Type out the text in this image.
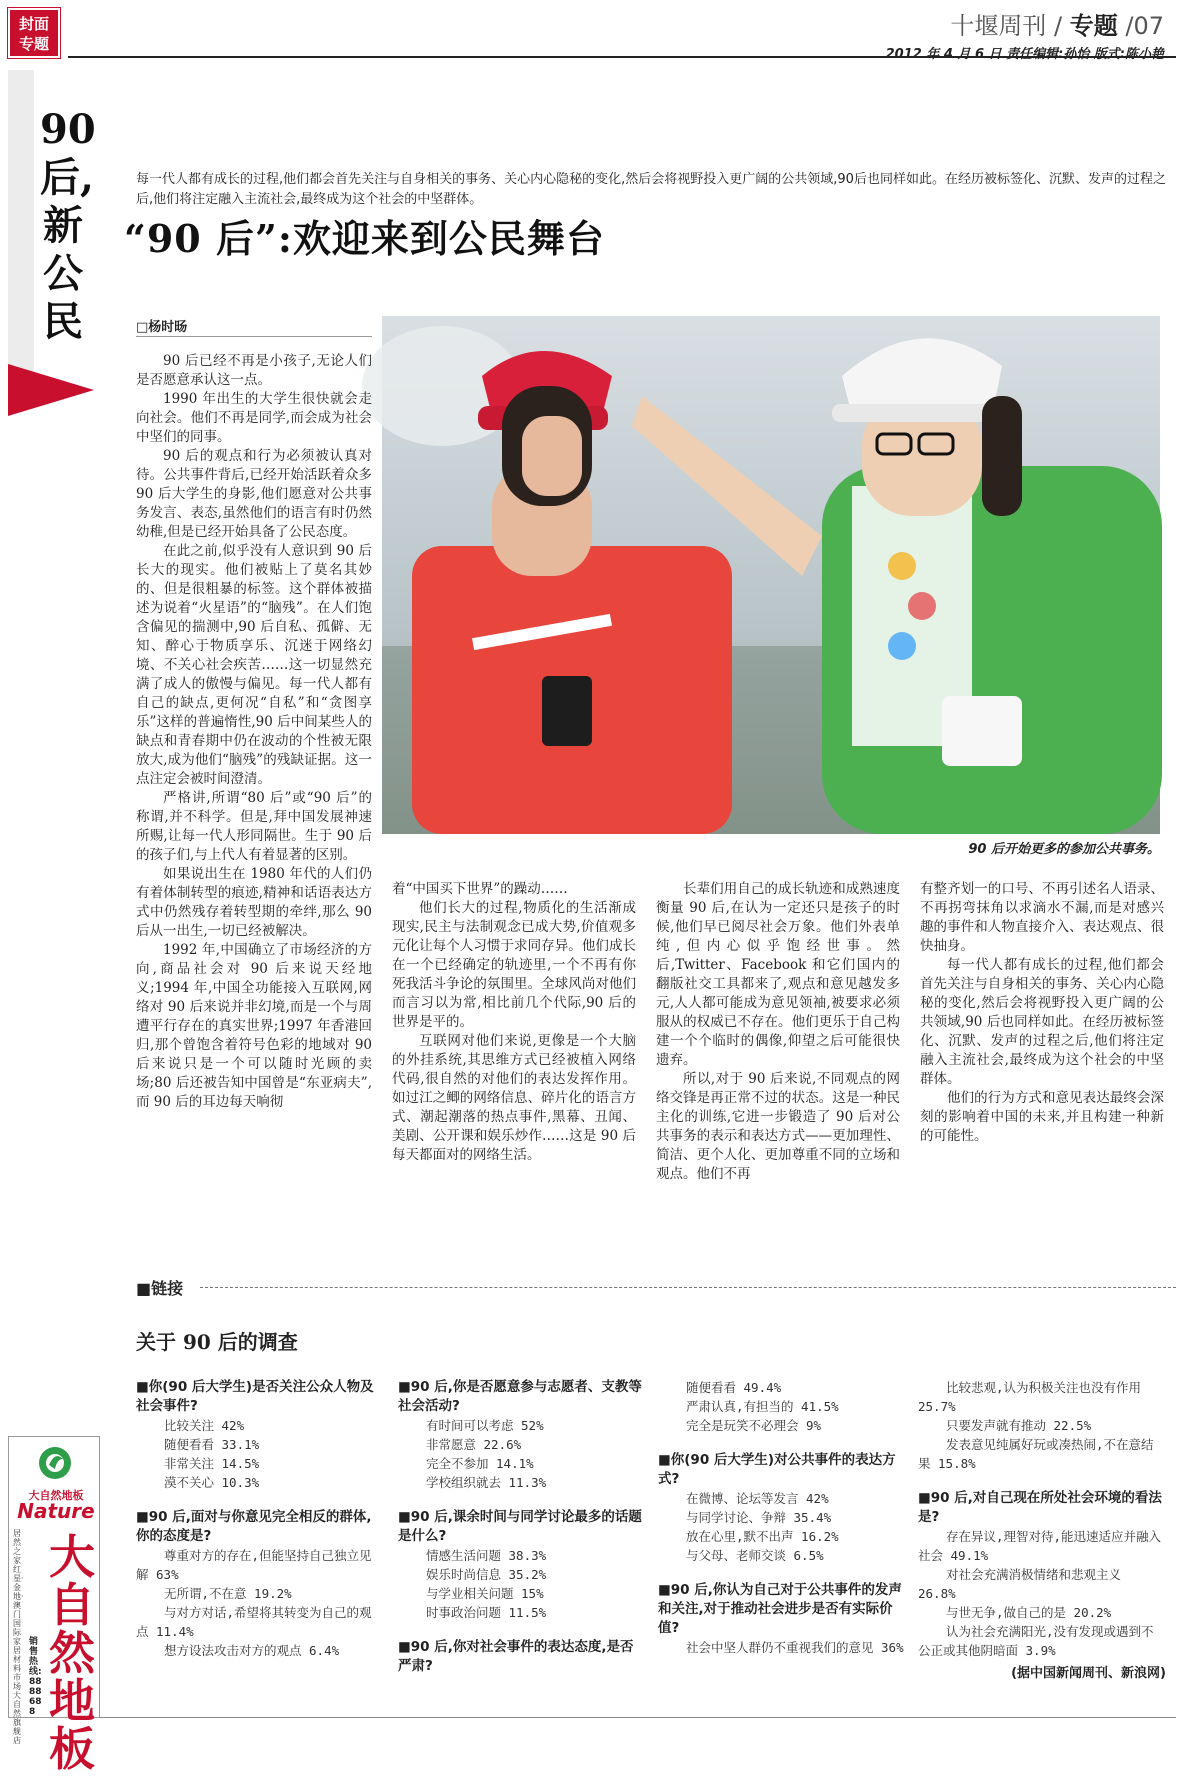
封面
专题
十堰周刊 / 专题 /07
2012 年 4 月 6 日 责任编辑:孙怡 版式:陈小艳
90后,新公民
每一代人都有成长的过程,他们都会首先关注与自身相关的事务、关心内心隐秘的变化,然后会将视野投入更广阔的公共领域,90后也同样如此。在经历被标签化、沉默、发声的过程之后,他们将注定融入主流社会,最终成为这个社会的中坚群体。
“90 后”:欢迎来到公民舞台
□杨时旸
90 后开始更多的参加公共事务。

90 后已经不再是小孩子,无论人们是否愿意承认这一点。

1990 年出生的大学生很快就会走向社会。他们不再是同学,而会成为社会中坚们的同事。

90 后的观点和行为必须被认真对待。公共事件背后,已经开始活跃着众多 90 后大学生的身影,他们愿意对公共事务发言、表态,虽然他们的语言有时仍然幼稚,但是已经开始具备了公民态度。

在此之前,似乎没有人意识到 90 后长大的现实。他们被贴上了莫名其妙的、但是很粗暴的标签。这个群体被描述为说着“火星语”的“脑残”。在人们饱含偏见的揣测中,90 后自私、孤僻、无知、醉心于物质享乐、沉迷于网络幻境、不关心社会疾苦……这一切显然充满了成人的傲慢与偏见。每一代人都有自己的缺点,更何况“自私”和“贪图享乐”这样的普遍惰性,90 后中间某些人的缺点和青春期中仍在波动的个性被无限放大,成为他们“脑残”的残缺证据。这一点注定会被时间澄清。

严格讲,所谓“80 后”或“90 后”的称谓,并不科学。但是,拜中国发展神速所赐,让每一代人形同隔世。生于 90 后的孩子们,与上代人有着显著的区别。

如果说出生在 1980 年代的人们仍有着体制转型的痕迹,精神和话语表达方式中仍然残存着转型期的牵绊,那么 90 后从一出生,一切已经被解决。

1992 年,中国确立了市场经济的方向,商品社会对 90 后来说天经地义;1994 年,中国全功能接入互联网,网络对 90 后来说并非幻境,而是一个与周遭平行存在的真实世界;1997 年香港回归,那个曾饱含着符号色彩的地域对 90 后来说只是一个可以随时光顾的卖场;80 后还被告知中国曾是“东亚病夫”,而 90 后的耳边每天响彻

着“中国买下世界”的躁动……

他们长大的过程,物质化的生活渐成现实,民主与法制观念已成大势,价值观多元化让每个人习惯于求同存异。他们成长在一个已经确定的轨迹里,一个不再有你死我活斗争论的氛围里。全球风尚对他们而言习以为常,相比前几个代际,90 后的世界是平的。

互联网对他们来说,更像是一个大脑的外挂系统,其思维方式已经被植入网络代码,很自然的对他们的表达发挥作用。如过江之鲫的网络信息、碎片化的语言方式、潮起潮落的热点事件,黑幕、丑闻、美剧、公开课和娱乐炒作……这是 90 后每天都面对的网络生活。

长辈们用自己的成长轨迹和成熟速度衡量 90 后,在认为一定还只是孩子的时候,他们早已阅尽社会万象。他们外表单纯,但内心似乎饱经世事。然后,Twitter、Facebook 和它们国内的翻版社交工具都来了,观点和意见越发多元,人人都可能成为意见领袖,被要求必须服从的权威已不存在。他们更乐于自己构建一个个临时的偶像,仰望之后可能很快遗弃。

所以,对于 90 后来说,不同观点的网络交锋是再正常不过的状态。这是一种民主化的训练,它进一步锻造了 90 后对公共事务的表示和表达方式——更加理性、简洁、更个人化、更加尊重不同的立场和观点。他们不再

有整齐划一的口号、不再引述名人语录、不再拐弯抹角以求滴水不漏,而是对感兴趣的事件和人物直接介入、表达观点、很快抽身。

每一代人都有成长的过程,他们都会首先关注与自身相关的事务、关心内心隐秘的变化,然后会将视野投入更广阔的公共领域,90 后也同样如此。在经历被标签化、沉默、发声的过程之后,他们将注定融入主流社会,最终成为这个社会的中坚群体。

他们的行为方式和意见表达最终会深刻的影响着中国的未来,并且构建一种新的可能性。

■链接
关于 90 后的调查
■你(90 后大学生)是否关注公众人物及社会事件?
比较关注 42%
随便看看 33.1%
非常关注 14.5%
漠不关心 10.3%
■90 后,面对与你意见完全相反的群体,你的态度是?
尊重对方的存在,但能坚持自己独立见解 63%
无所谓,不在意 19.2%
与对方对话,希望将其转变为自己的观点 11.4%
想方设法攻击对方的观点 6.4%
■90 后,你是否愿意参与志愿者、支教等社会活动?
有时间可以考虑 52%
非常愿意 22.6%
完全不参加 14.1%
学校组织就去 11.3%
■90 后,课余时间与同学讨论最多的话题是什么?
情感生活问题 38.3%
娱乐时尚信息 35.2%
与学业相关问题 15%
时事政治问题 11.5%
■90 后,你对社会事件的表达态度,是否严肃?
随便看看 49.4%
严肃认真,有担当的 41.5%
完全是玩笑不必理会 9%
■你(90 后大学生)对公共事件的表达方式?
在微博、论坛等发言 42%
与同学讨论、争辩 35.4%
放在心里,默不出声 16.2%
与父母、老师交谈 6.5%
■90 后,你认为自己对于公共事件的发声和关注,对于推动社会进步是否有实际价值?
社会中坚人群仍不重视我们的意见 36%
比较悲观,认为积极关注也没有作用 25.7%
只要发声就有推动 22.5%
发表意见纯属好玩或凑热闹,不在意结果 15.8%
■90 后,对自己现在所处社会环境的看法是?
存在异议,理智对待,能迅速适应并融入社会 49.1%
对社会充满消极情绪和悲观主义 26.8%
与世无争,做自己的是 20.2%
认为社会充满阳光,没有发现或遇到不公正或其他阴暗面 3.9%
(据中国新闻周刊、新浪网)
大自然地板
Nature
居然之家红星·金地·澳门国际家居材料市场大自然旗舰店
销售热线:8888688
大自然地板
